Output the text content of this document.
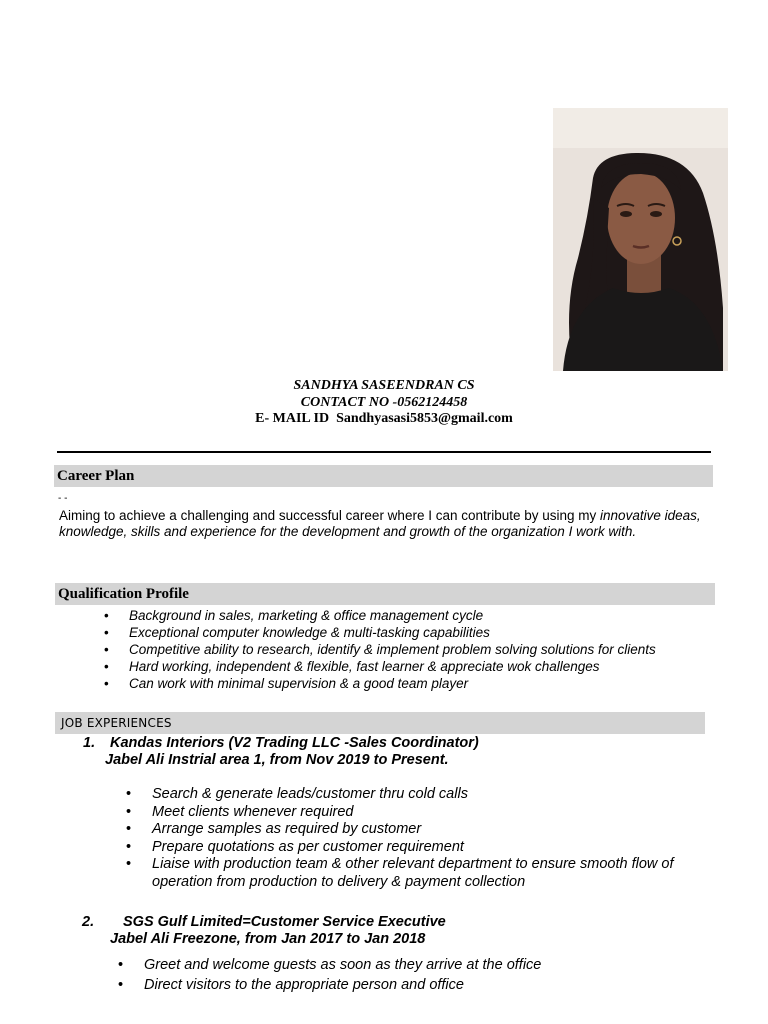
SANDHYA SASEENDRAN CS
CONTACT NO -0562124458
E- MAIL ID Sandhyasasi5853@gmail.com
Career Plan
- -
Aiming to achieve a challenging and successful career where I can contribute by using my innovative ideas, knowledge, skills and experience for the development and growth of the organization I work with.
Qualification Profile
• Background in sales, marketing & office management cycle
• Exceptional computer knowledge & multi-tasking capabilities
• Competitive ability to research, identify & implement problem solving solutions for clients
• Hard working, independent & flexible, fast learner & appreciate wok challenges
• Can work with minimal supervision & a good team player
JOB EXPERIENCES
1. Kandas Interiors (V2 Trading LLC -Sales Coordinator)
Jabel Ali Instrial area 1, from Nov 2019 to Present.
• Search & generate leads/customer thru cold calls
• Meet clients whenever required
• Arrange samples as required by customer
• Prepare quotations as per customer requirement
• Liaise with production team & other relevant department to ensure smooth flow of operation from production to delivery & payment collection
2. SGS Gulf Limited=Customer Service Executive
Jabel Ali Freezone, from Jan 2017 to Jan 2018
• Greet and welcome guests as soon as they arrive at the office
• Direct visitors to the appropriate person and office
